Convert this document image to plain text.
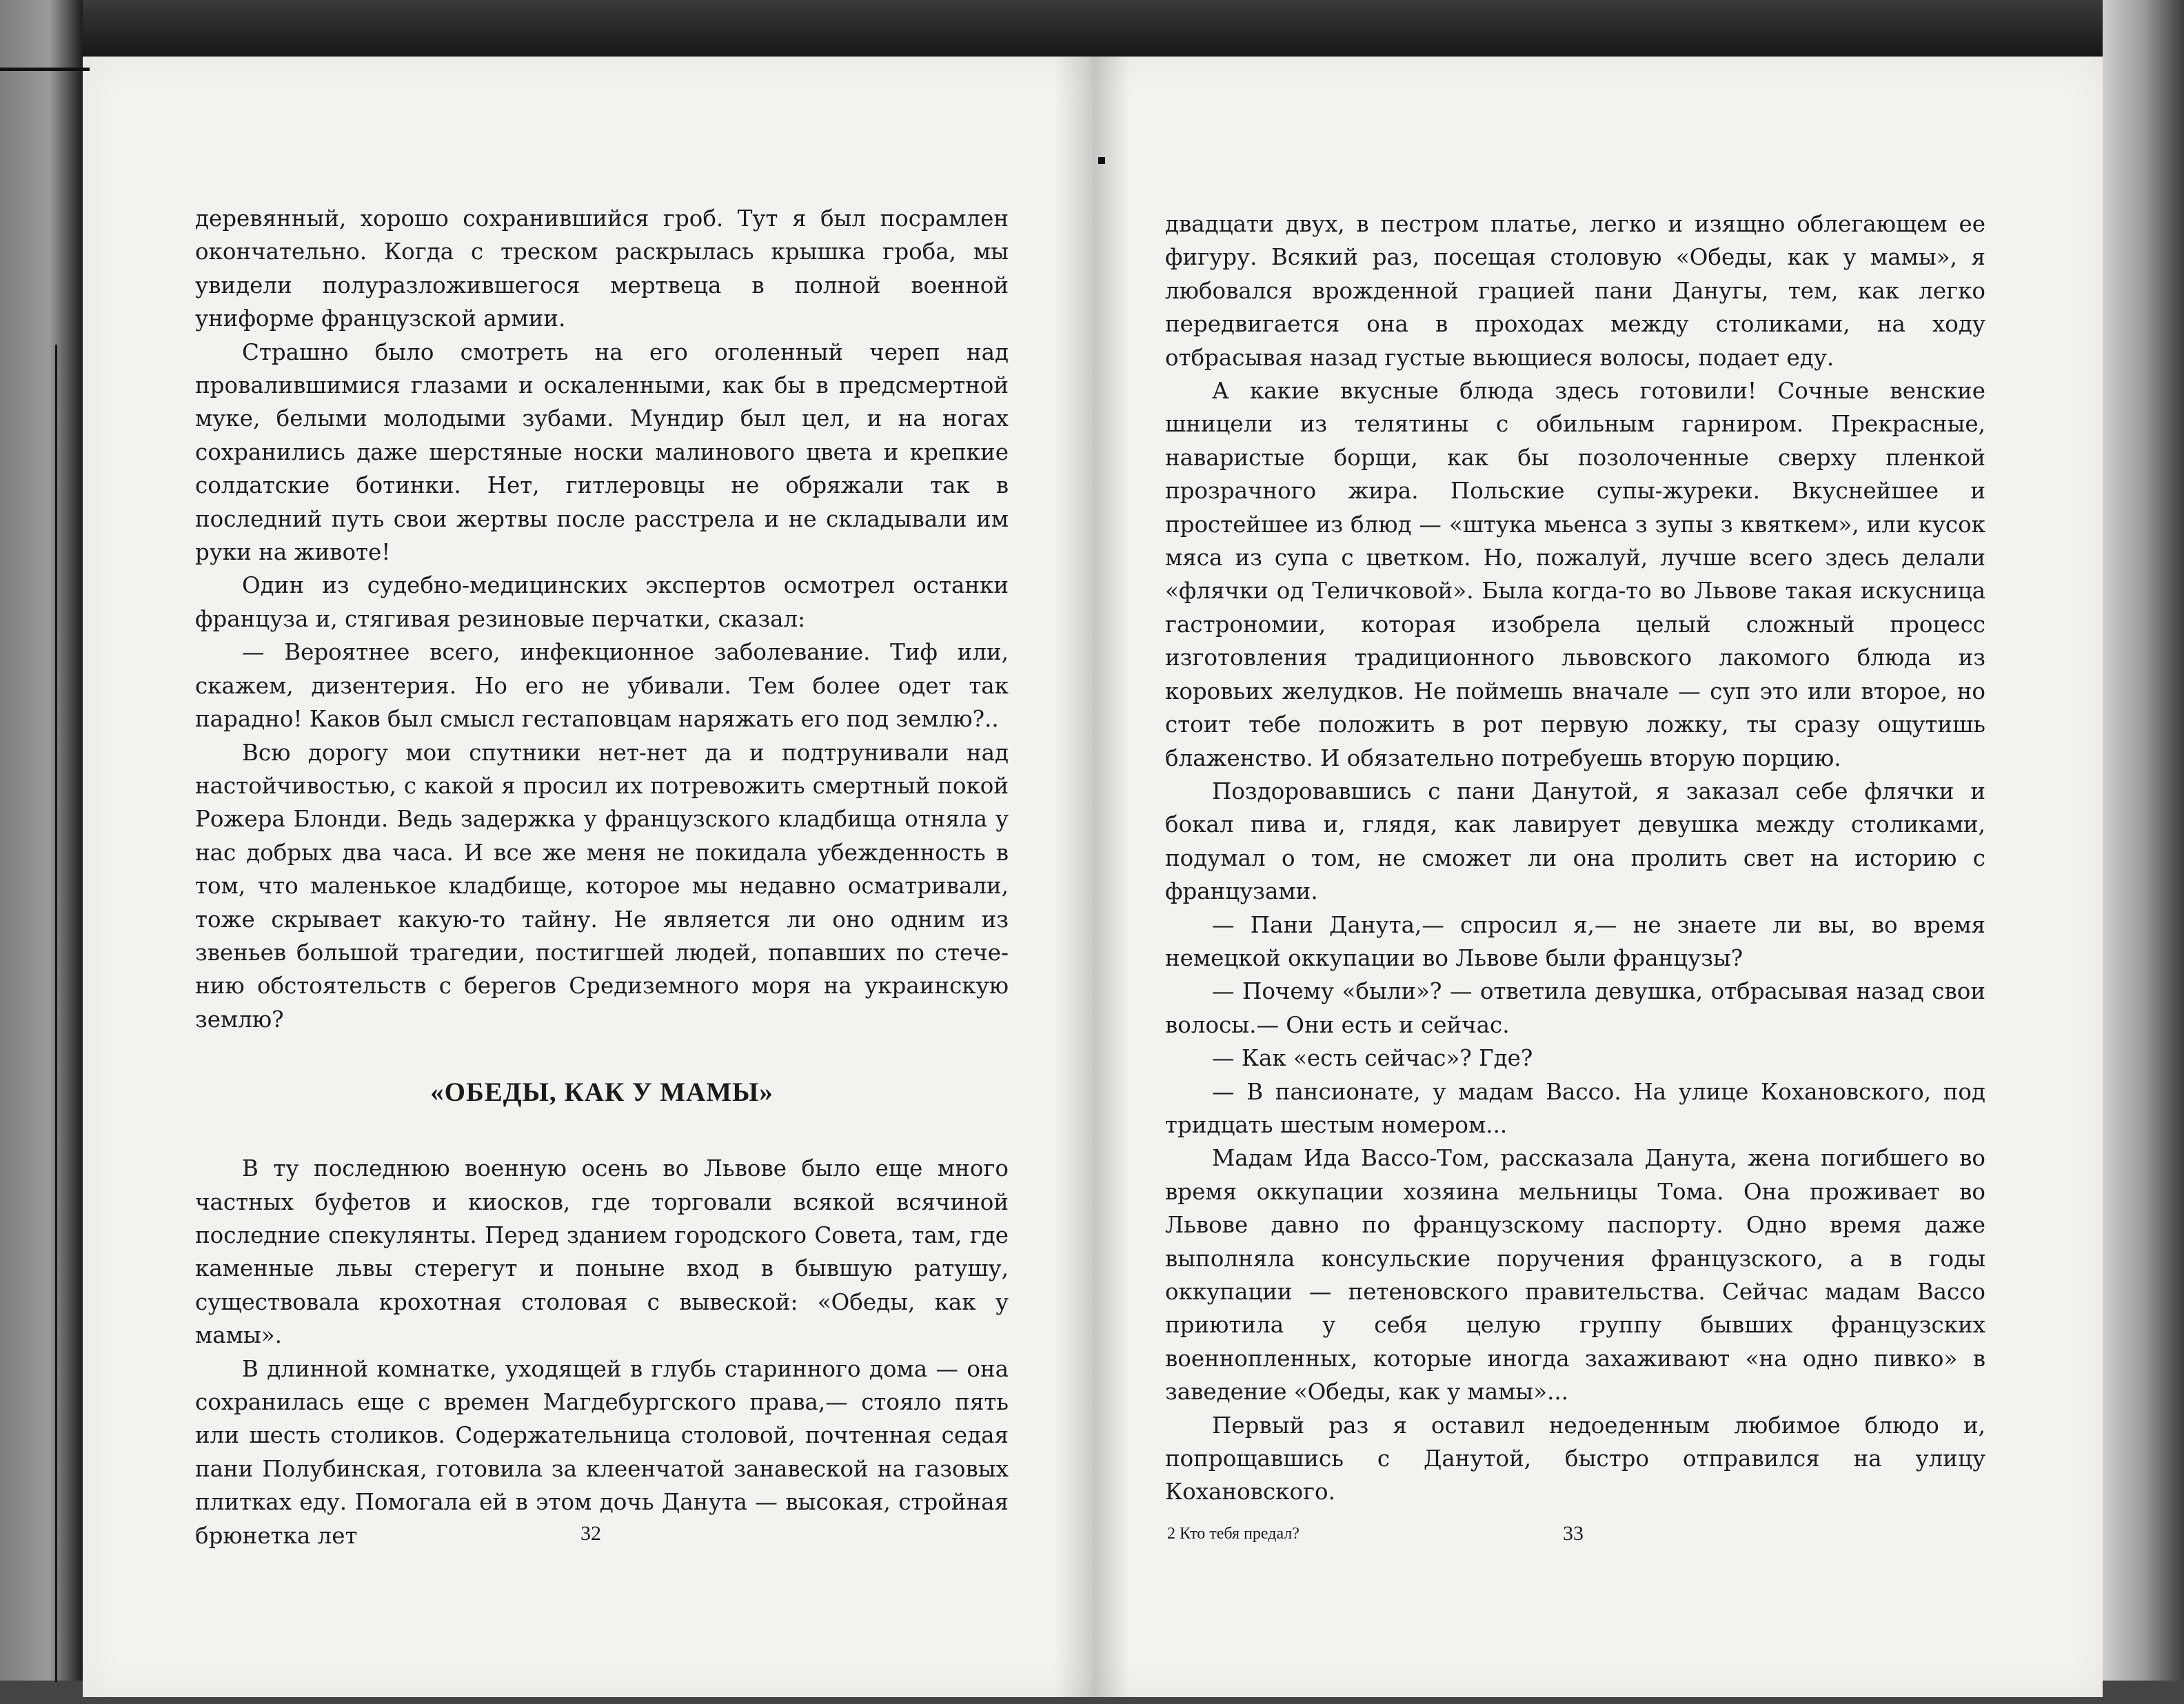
деревянный, хорошо сохранившийся гроб. Тут я был посрамлен окончательно. Когда с треском раскрылась крышка гроба, мы увидели полуразложившегося мертвеца в полной военной униформе французской армии.

Страшно было смотреть на его оголенный череп над провалившимися глазами и оскаленными, как бы в предсмертной муке, белыми молодыми зубами. Мундир был цел, и на ногах сохранились даже шерстяные носки малинового цвета и крепкие солдатские ботинки. Нет, гитлеровцы не обряжали так в последний путь свои жертвы после расстрела и не складывали им руки на животе!

Один из судебно-медицинских экспертов осмотрел останки француза и, стягивая резиновые перчатки, сказал:

— Вероятнее всего, инфекционное заболевание. Тиф или, скажем, дизентерия. Но его не убивали. Тем более одет так парадно! Каков был смысл гестаповцам наряжать его под землю?..

Всю дорогу мои спутники нет-нет да и подтрунивали над настойчивостью, с какой я просил их потревожить смертный покой Рожера Блонди. Ведь задержка у французского кладбища отняла у нас добрых два часа. И все же меня не покидала убежденность в том, что маленькое кладбище, которое мы недавно осматривали, тоже скрывает какую-то тайну. Не является ли оно одним из звеньев большой трагедии, постигшей людей, попавших по стечению обстоятельств с берегов Средиземного моря на украинскую землю?

«ОБЕДЫ, КАК У МАМЫ»

В ту последнюю военную осень во Львове было еще много частных буфетов и киосков, где торговали всякой всячиной последние спекулянты. Перед зданием городского Совета, там, где каменные львы стерегут и поныне вход в бывшую ратушу, существовала крохотная столовая с вывеской: «Обеды, как у мамы».

В длинной комнатке, уходящей в глубь старинного дома — она сохранилась еще с времен Магдебургского права,— стояло пять или шесть столиков. Содержательница столовой, почтенная седая пани Полубинская, готовила за клеенчатой занавеской на газовых плитках еду. Помогала ей в этом дочь Данута — высокая, стройная брюнетка лет	32

двадцати двух, в пестром платье, легко и изящно облегающем ее фигуру. Всякий раз, посещая столовую «Обеды, как у мамы», я любовался врожденной грацией пани Данугы, тем, как легко передвигается она в проходах между столиками, на ходу отбрасывая назад густые вьющиеся волосы, подает еду.

А какие вкусные блюда здесь готовили! Сочные венские шницели из телятины с обильным гарниром. Прекрасные, наваристые борщи, как бы позолоченные сверху пленкой прозрачного жира. Польские супы-журеки. Вкуснейшее и простейшее из блюд — «штука мьенса з зупы з квяткем», или кусок мяса из супа с цветком. Но, пожалуй, лучше всего здесь делали «флячки од Теличковой». Была когда-то во Львове такая искусница гастрономии, которая изобрела целый сложный процесс изготовления традиционного львовского лакомого блюда из коровьих желудков. Не поймешь вначале — суп это или второе, но стоит тебе положить в рот первую ложку, ты сразу ощутишь блаженство. И обязательно потребуешь вторую порцию.

Поздоровавшись с пани Данутой, я заказал себе флячки и бокал пива и, глядя, как лавирует девушка между столиками, подумал о том, не сможет ли она пролить свет на историю с французами.

— Пани Данута,— спросил я,— не знаете ли вы, во время немецкой оккупации во Львове были французы?

— Почему «были»? — ответила девушка, отбрасывая назад свои волосы.— Они есть и сейчас.

— Как «есть сейчас»? Где?

— В пансионате, у мадам Вассо. На улице Кохановского, под тридцать шестым номером...

Мадам Ида Вассо-Том, рассказала Данута, жена погибшего во время оккупации хозяина мельницы Тома. Она проживает во Львове давно по французскому паспорту. Одно время даже выполняла консульские поручения французского, а в годы оккупации — петеновского правительства. Сейчас мадам Вассо приютила у себя целую группу бывших французских военнопленных, которые иногда захаживают «на одно пивко» в заведение «Обеды, как у мамы»...

Первый раз я оставил недоеденным любимое блюдо и, попрощавшись с Данутой, быстро отправился на улицу Кохановского.

2 Кто тебя предал?	33
